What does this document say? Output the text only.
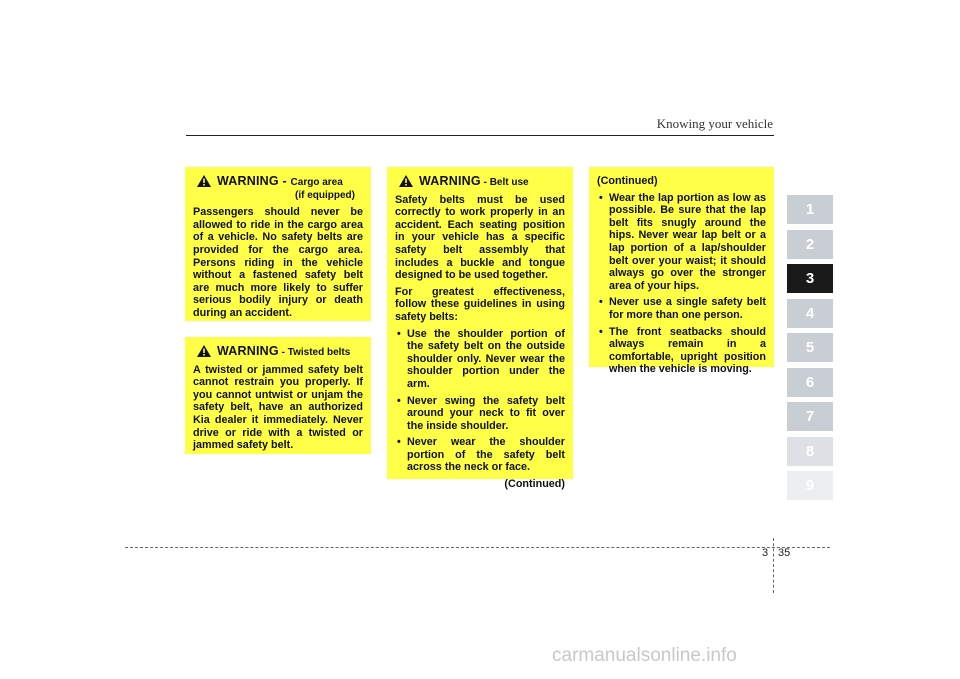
Knowing your vehicle
WARNING - Cargo area
(if equipped)
Passengers should never be allowed to ride in the cargo area of a vehicle. No safety belts are provided for the cargo area. Persons riding in the vehicle without a fastened safety belt are much more likely to suffer serious bodily injury or death during an accident.
WARNING - Twisted belts
A twisted or jammed safety belt cannot restrain you properly. If you cannot untwist or unjam the safety belt, have an authorized Kia dealer it immediately. Never drive or ride with a twisted or jammed safety belt.
WARNING - Belt use
Safety belts must be used correctly to work properly in an accident. Each seating position in your vehicle has a specific safety belt assembly that includes a buckle and tongue designed to be used together.
For greatest effectiveness, follow these guidelines in using safety belts:
• Use the shoulder portion of the safety belt on the outside shoulder only. Never wear the shoulder portion under the arm.
• Never swing the safety belt around your neck to fit over the inside shoulder.
• Never wear the shoulder portion of the safety belt across the neck or face.
(Continued)
(Continued)
• Wear the lap portion as low as possible. Be sure that the lap belt fits snugly around the hips. Never wear lap belt or a lap portion of a lap/shoulder belt over your waist; it should always go over the stronger area of your hips.
• Never use a single safety belt for more than one person.
• The front seatbacks should always remain in a comfortable, upright position when the vehicle is moving.
1
2
3
4
5
6
7
8
9
3 35
carmanualsonline.info
